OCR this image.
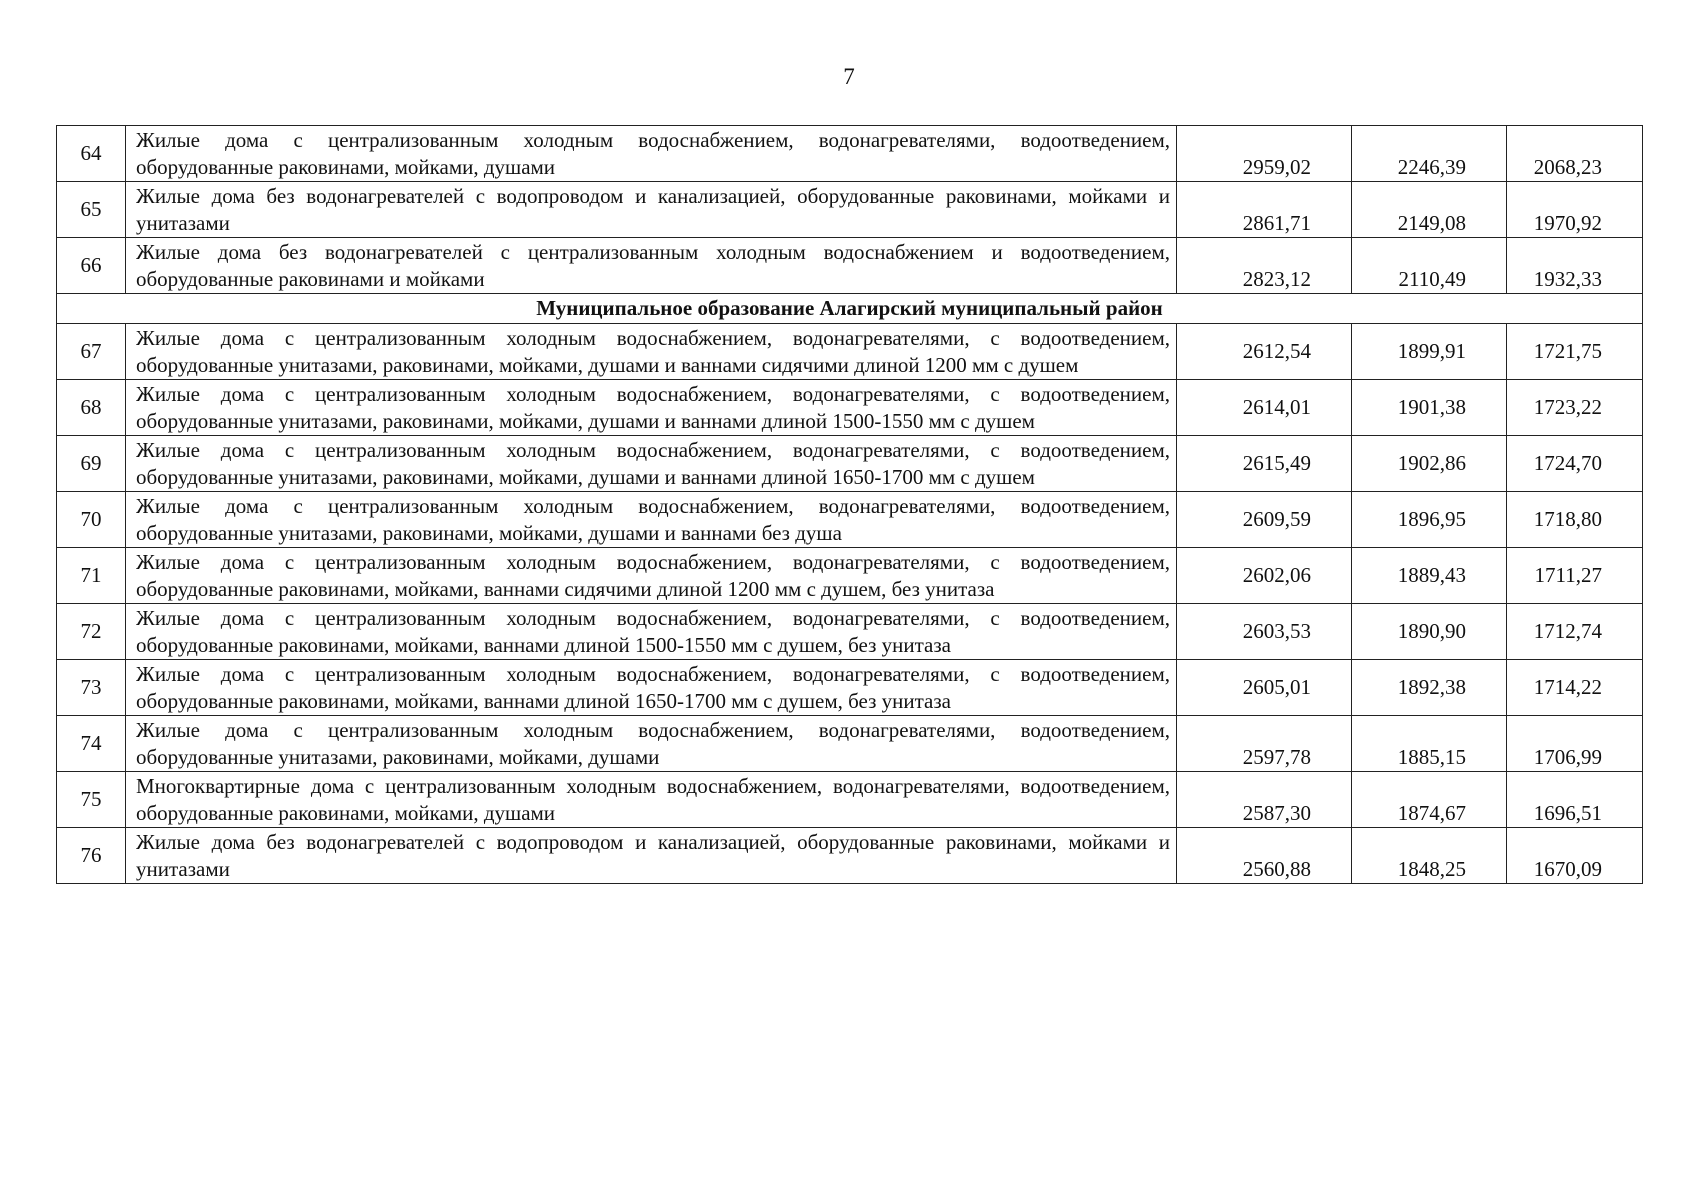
7
64	Жилые дома с централизованным холодным водоснабжением, водонагревателями, водоотведением, оборудованные раковинами, мойками, душами	2959,02	2246,39	2068,23
65	Жилые дома без водонагревателей с водопроводом и канализацией, оборудованные раковинами, мойками и унитазами	2861,71	2149,08	1970,92
66	Жилые дома без водонагревателей с централизованным холодным водоснабжением и водоотведением, оборудованные раковинами и мойками	2823,12	2110,49	1932,33
Муниципальное образование Алагирский муниципальный район				
67	Жилые дома с централизованным холодным водоснабжением, водонагревателями, с водоотведением, оборудованные унитазами, раковинами, мойками, душами и ваннами сидячими длиной 1200 мм с душем	2612,54	1899,91	1721,75
68	Жилые дома с централизованным холодным водоснабжением, водонагревателями, с водоотведением, оборудованные унитазами, раковинами, мойками, душами и ваннами длиной 1500-1550 мм с душем	2614,01	1901,38	1723,22
69	Жилые дома с централизованным холодным водоснабжением, водонагревателями, с водоотведением, оборудованные унитазами, раковинами, мойками, душами и ваннами длиной 1650-1700 мм с душем	2615,49	1902,86	1724,70
70	Жилые дома с централизованным холодным водоснабжением, водонагревателями, водоотведением, оборудованные унитазами, раковинами, мойками, душами и ваннами без душа	2609,59	1896,95	1718,80
71	Жилые дома с централизованным холодным водоснабжением, водонагревателями, с водоотведением, оборудованные раковинами, мойками, ваннами сидячими длиной 1200 мм с душем, без унитаза	2602,06	1889,43	1711,27
72	Жилые дома с централизованным холодным водоснабжением, водонагревателями, с водоотведением, оборудованные раковинами, мойками, ваннами длиной 1500-1550 мм с душем, без унитаза	2603,53	1890,90	1712,74
73	Жилые дома с централизованным холодным водоснабжением, водонагревателями, с водоотведением, оборудованные раковинами, мойками, ваннами длиной 1650-1700 мм с душем, без унитаза	2605,01	1892,38	1714,22
74	Жилые дома с централизованным холодным водоснабжением, водонагревателями, водоотведением, оборудованные унитазами, раковинами, мойками, душами	2597,78	1885,15	1706,99
75	Многоквартирные дома с централизованным холодным водоснабжением, водонагревателями, водоотведением, оборудованные раковинами, мойками, душами	2587,30	1874,67	1696,51
76	Жилые дома без водонагревателей с водопроводом и канализацией, оборудованные раковинами, мойками и унитазами	2560,88	1848,25	1670,09
